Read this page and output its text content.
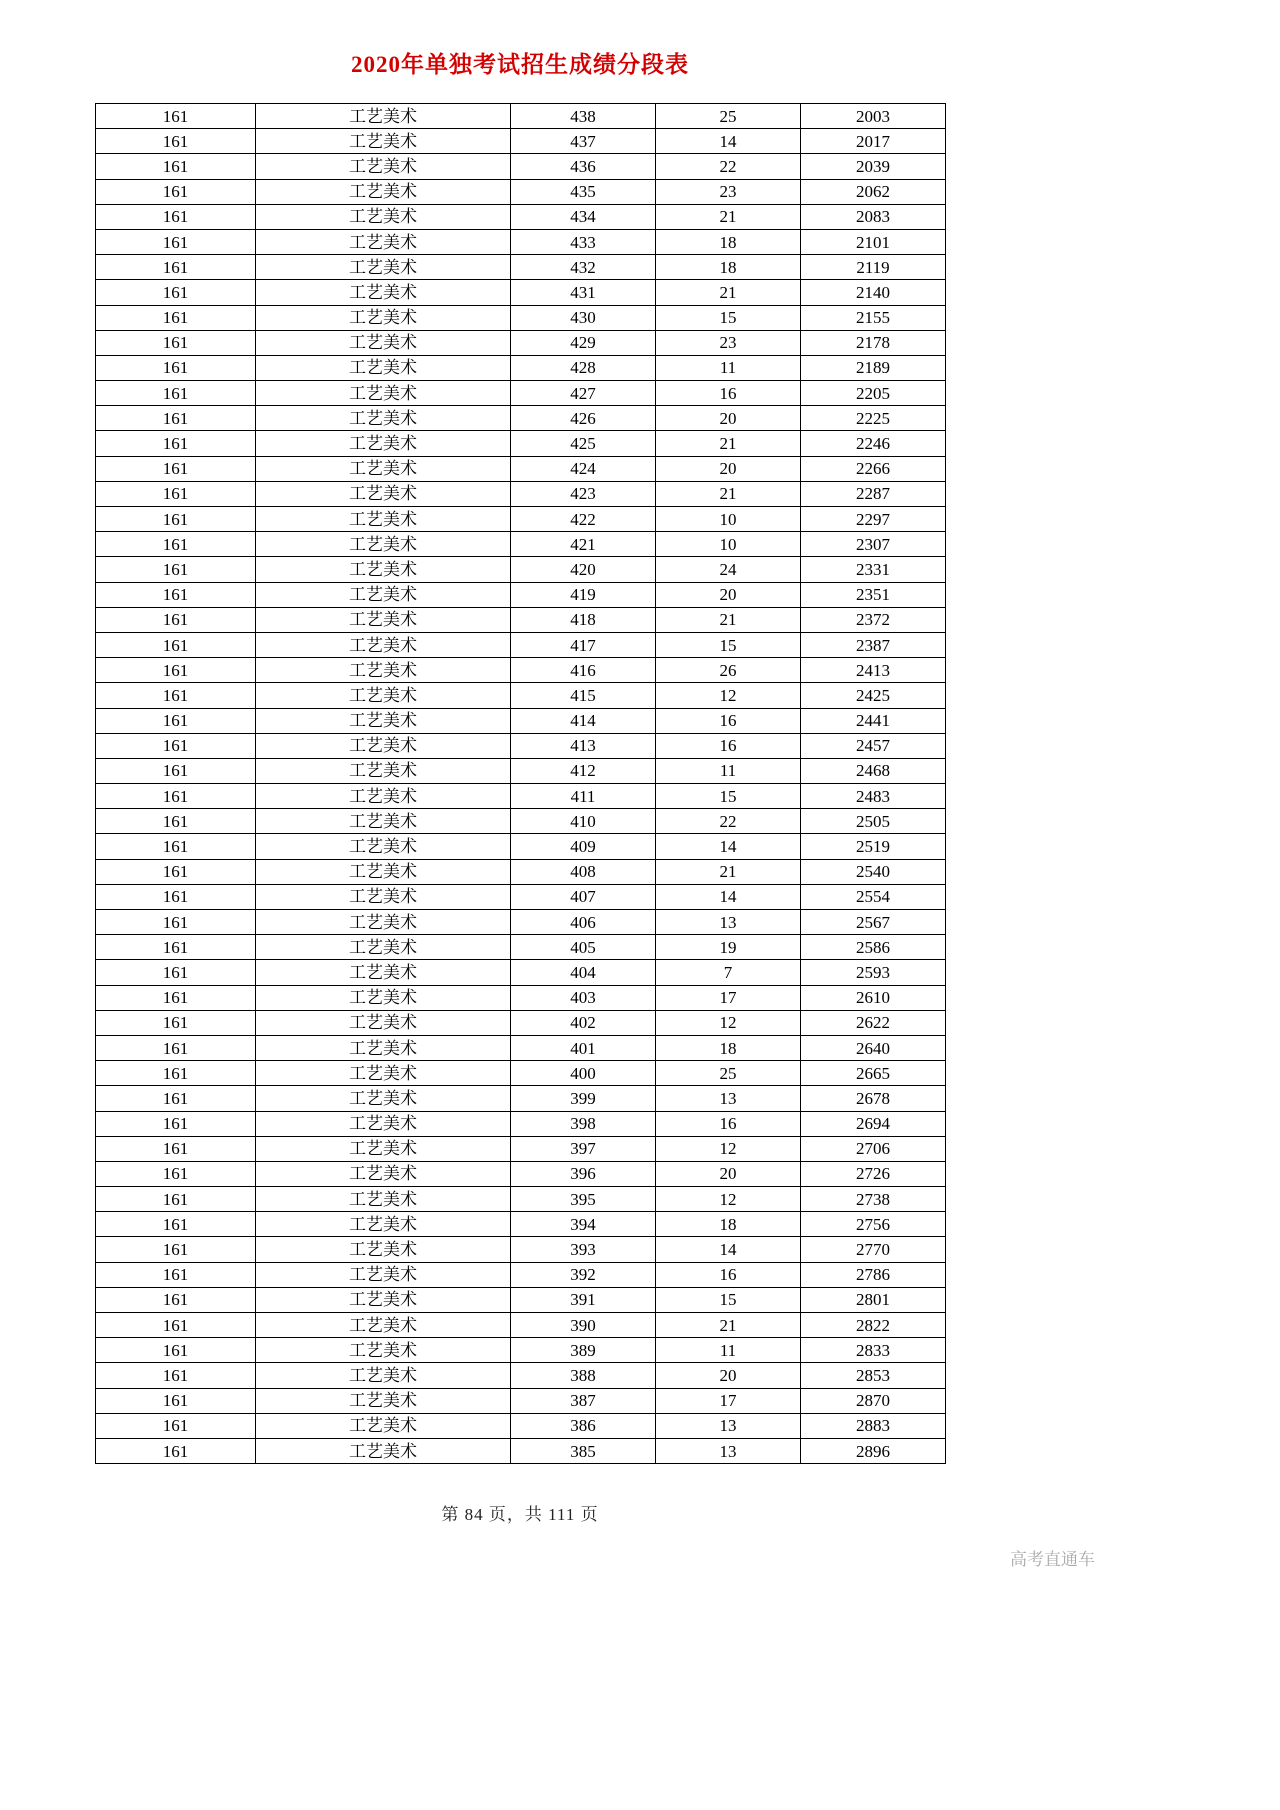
2020年单独考试招生成绩分段表
161	工艺美术	438	25	2003
161	工艺美术	437	14	2017
161	工艺美术	436	22	2039
161	工艺美术	435	23	2062
161	工艺美术	434	21	2083
161	工艺美术	433	18	2101
161	工艺美术	432	18	2119
161	工艺美术	431	21	2140
161	工艺美术	430	15	2155
161	工艺美术	429	23	2178
161	工艺美术	428	11	2189
161	工艺美术	427	16	2205
161	工艺美术	426	20	2225
161	工艺美术	425	21	2246
161	工艺美术	424	20	2266
161	工艺美术	423	21	2287
161	工艺美术	422	10	2297
161	工艺美术	421	10	2307
161	工艺美术	420	24	2331
161	工艺美术	419	20	2351
161	工艺美术	418	21	2372
161	工艺美术	417	15	2387
161	工艺美术	416	26	2413
161	工艺美术	415	12	2425
161	工艺美术	414	16	2441
161	工艺美术	413	16	2457
161	工艺美术	412	11	2468
161	工艺美术	411	15	2483
161	工艺美术	410	22	2505
161	工艺美术	409	14	2519
161	工艺美术	408	21	2540
161	工艺美术	407	14	2554
161	工艺美术	406	13	2567
161	工艺美术	405	19	2586
161	工艺美术	404	7	2593
161	工艺美术	403	17	2610
161	工艺美术	402	12	2622
161	工艺美术	401	18	2640
161	工艺美术	400	25	2665
161	工艺美术	399	13	2678
161	工艺美术	398	16	2694
161	工艺美术	397	12	2706
161	工艺美术	396	20	2726
161	工艺美术	395	12	2738
161	工艺美术	394	18	2756
161	工艺美术	393	14	2770
161	工艺美术	392	16	2786
161	工艺美术	391	15	2801
161	工艺美术	390	21	2822
161	工艺美术	389	11	2833
161	工艺美术	388	20	2853
161	工艺美术	387	17	2870
161	工艺美术	386	13	2883
161	工艺美术	385	13	2896
第 84 页，共 111 页
高考直通车
